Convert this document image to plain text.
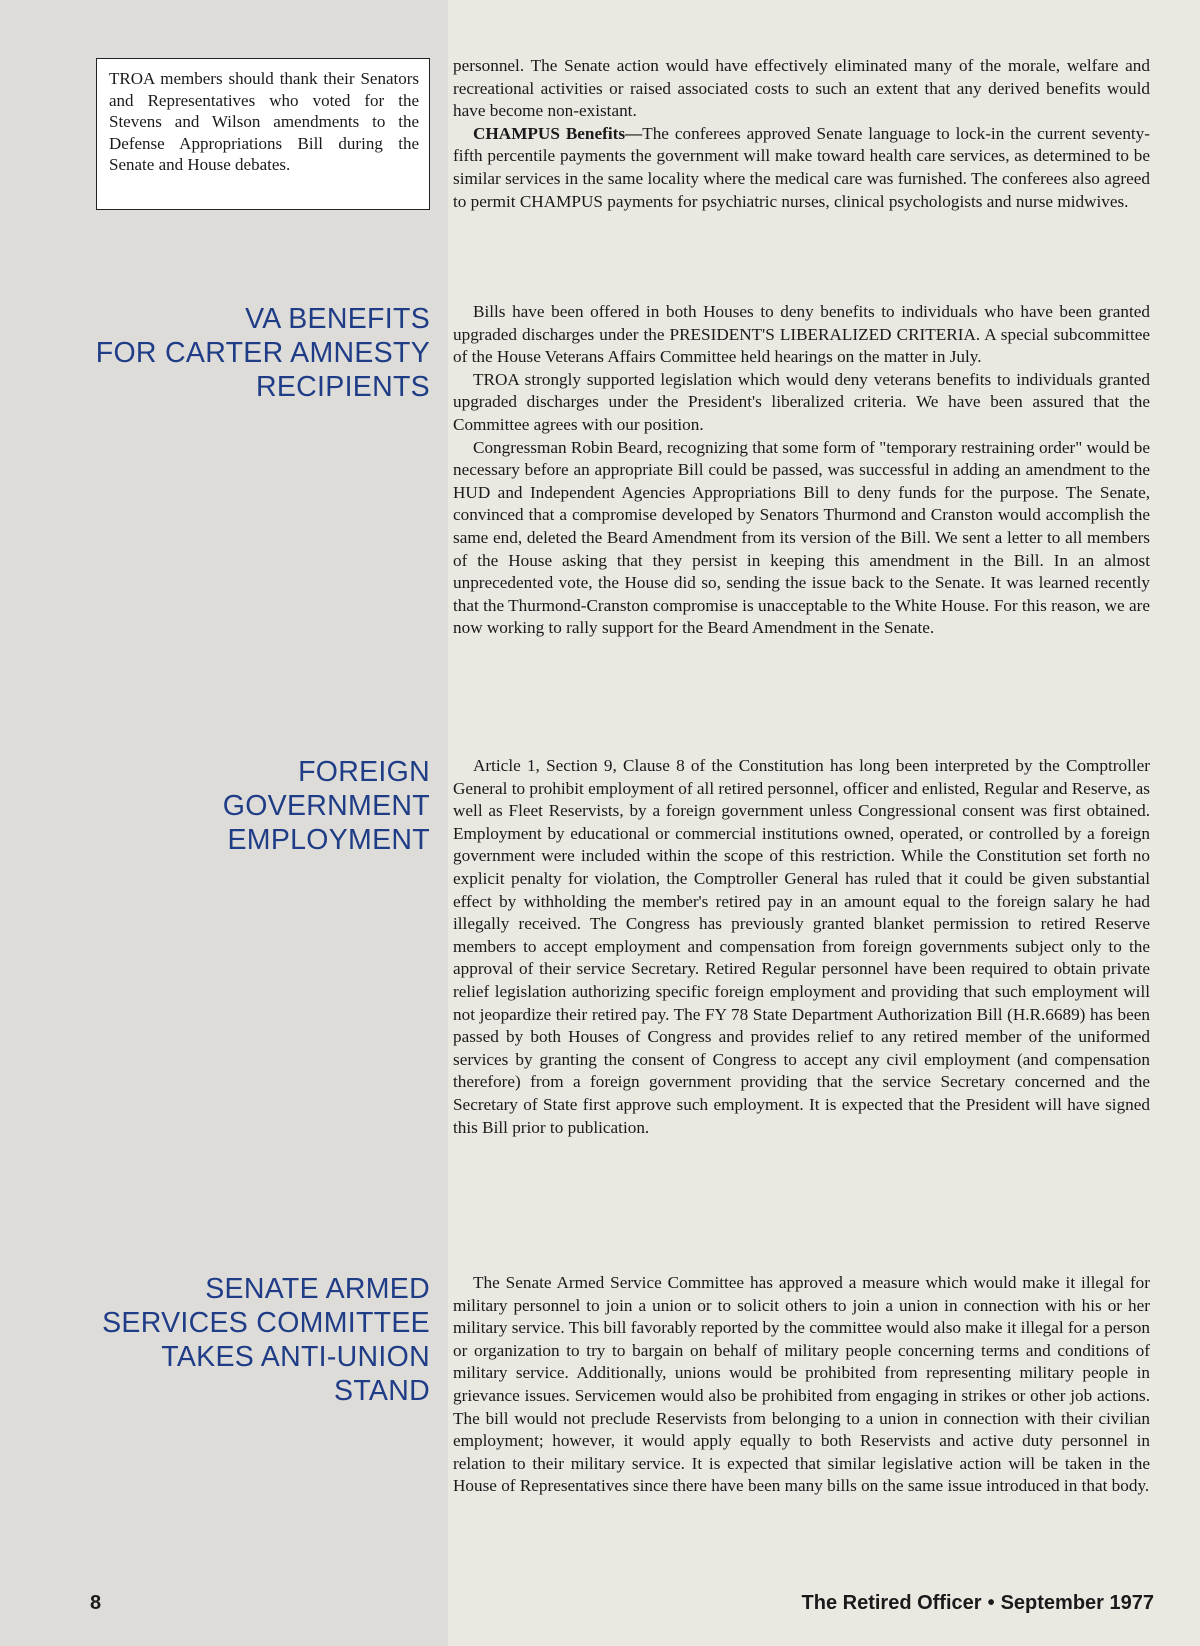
TROA members should thank their Senators and Representatives who voted for the Stevens and Wilson amendments to the Defense Appropriations Bill during the Senate and House debates.

personnel. The Senate action would have effectively eliminated many of the morale, welfare and recreational activities or raised associated costs to such an extent that any derived benefits would have become non-existant.

CHAMPUS Benefits—The conferees approved Senate language to lock-in the current seventy-fifth percentile payments the government will make toward health care services, as determined to be similar services in the same locality where the medical care was furnished. The conferees also agreed to permit CHAMPUS payments for psychiatric nurses, clinical psychologists and nurse midwives.

VA BENEFITS
FOR CARTER AMNESTY
RECIPIENTS

Bills have been offered in both Houses to deny benefits to individuals who have been granted upgraded discharges under the PRESIDENT'S LIBERALIZED CRITERIA. A special subcommittee of the House Veterans Affairs Committee held hearings on the matter in July.

TROA strongly supported legislation which would deny veterans benefits to individuals granted upgraded discharges under the President's liberalized criteria. We have been assured that the Committee agrees with our position.

Congressman Robin Beard, recognizing that some form of "temporary restraining order" would be necessary before an appropriate Bill could be passed, was successful in adding an amendment to the HUD and Independent Agencies Appropriations Bill to deny funds for the purpose. The Senate, convinced that a compromise developed by Senators Thurmond and Cranston would accomplish the same end, deleted the Beard Amendment from its version of the Bill. We sent a letter to all members of the House asking that they persist in keeping this amendment in the Bill. In an almost unprecedented vote, the House did so, sending the issue back to the Senate. It was learned recently that the Thurmond-Cranston compromise is unacceptable to the White House. For this reason, we are now working to rally support for the Beard Amendment in the Senate.

FOREIGN
GOVERNMENT
EMPLOYMENT

Article 1, Section 9, Clause 8 of the Constitution has long been interpreted by the Comptroller General to prohibit employment of all retired personnel, officer and enlisted, Regular and Reserve, as well as Fleet Reservists, by a foreign government unless Congressional consent was first obtained. Employment by educational or commercial institutions owned, operated, or controlled by a foreign government were included within the scope of this restriction. While the Constitution set forth no explicit penalty for violation, the Comptroller General has ruled that it could be given substantial effect by withholding the member's retired pay in an amount equal to the foreign salary he had illegally received. The Congress has previously granted blanket permission to retired Reserve members to accept employment and compensation from foreign governments subject only to the approval of their service Secretary. Retired Regular personnel have been required to obtain private relief legislation authorizing specific foreign employment and providing that such employment will not jeopardize their retired pay. The FY 78 State Department Authorization Bill (H.R.6689) has been passed by both Houses of Congress and provides relief to any retired member of the uniformed services by granting the consent of Congress to accept any civil employment (and compensation therefore) from a foreign government providing that the service Secretary concerned and the Secretary of State first approve such employment. It is expected that the President will have signed this Bill prior to publication.

SENATE ARMED
SERVICES COMMITTEE
TAKES ANTI-UNION
STAND

The Senate Armed Service Committee has approved a measure which would make it illegal for military personnel to join a union or to solicit others to join a union in connection with his or her military service. This bill favorably reported by the committee would also make it illegal for a person or organization to try to bargain on behalf of military people concerning terms and conditions of military service. Additionally, unions would be prohibited from representing military people in grievance issues. Servicemen would also be prohibited from engaging in strikes or other job actions. The bill would not preclude Reservists from belonging to a union in connection with their civilian employment; however, it would apply equally to both Reservists and active duty personnel in relation to their military service. It is expected that similar legislative action will be taken in the House of Representatives since there have been many bills on the same issue introduced in that body.

8	The Retired Officer • September 1977
